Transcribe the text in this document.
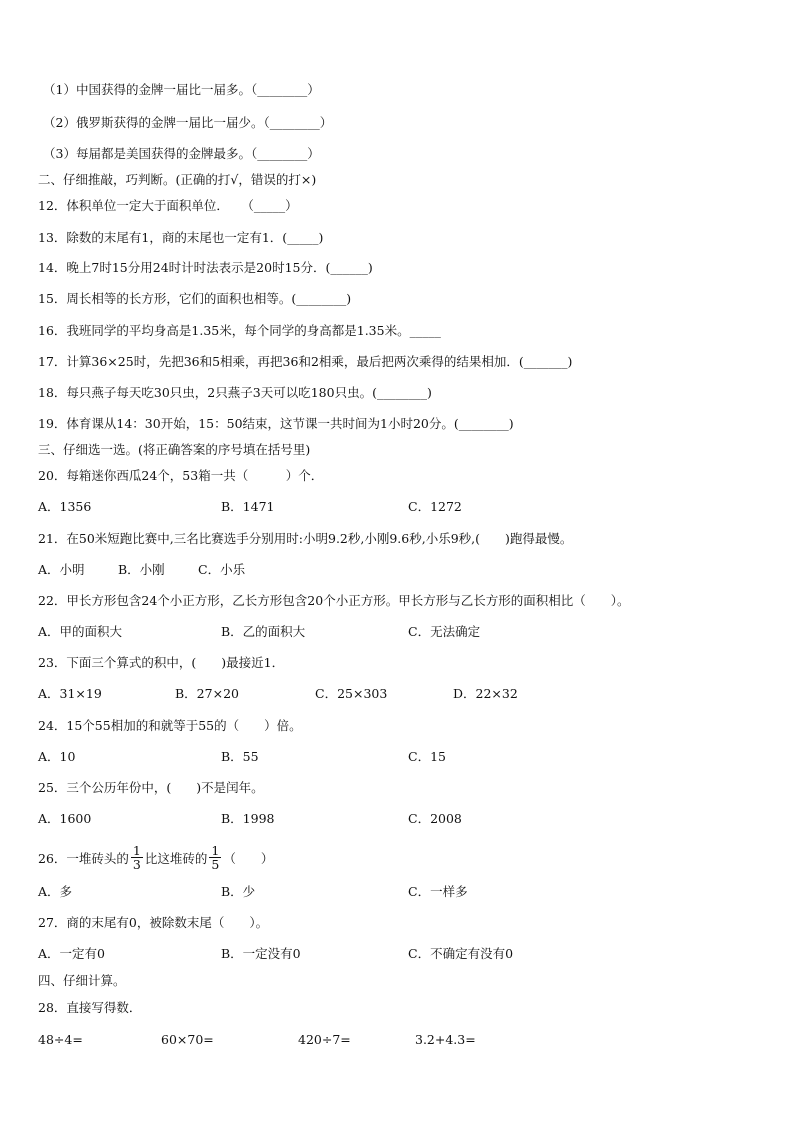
（1）中国获得的金牌一届比一届多。（________）
（2）俄罗斯获得的金牌一届比一届少。（________）
（3）每届都是美国获得的金牌最多。（________）
二、仔细推敲，巧判断。(正确的打√，错误的打×)
12．体积单位一定大于面积单位．　　（_____）
13．除数的末尾有1，商的末尾也一定有1．(_____)
14．晚上7时15分用24时计时法表示是20时15分．(______)
15．周长相等的长方形，它们的面积也相等。(________)
16．我班同学的平均身高是1.35米，每个同学的身高都是1.35米。_____
17．计算36×25时，先把36和5相乘，再把36和2相乘，最后把两次乘得的结果相加．(_______)
18．每只燕子每天吃30只虫，2只燕子3天可以吃180只虫。(________)
19．体育课从14：30开始，15：50结束，这节课一共时间为1小时20分。(________)
三、仔细选一选。(将正确答案的序号填在括号里)
20．每箱迷你西瓜24个，53箱一共（　　　）个．
A．1356	B．1471	C．1272
21．在50米短跑比赛中,三名比赛选手分别用时:小明9.2秒,小刚9.6秒,小乐9秒,(　　)跑得最慢。
A．小明	B．小刚	C．小乐
22．甲长方形包含24个小正方形，乙长方形包含20个小正方形。甲长方形与乙长方形的面积相比（　　）。
A．甲的面积大	B．乙的面积大	C．无法确定
23．下面三个算式的积中，(　　)最接近1．
A．31×19	B．27×20	C．25×303	D．22×32
24．15个55相加的和就等于55的（　　）倍。
A．10	B．55	C．15
25．三个公历年份中，(　　)不是闰年。
A．1600	B．1998	C．2008
26．一堆砖头的 $\frac{1}{3}$ 比这堆砖的 $\frac{1}{5}$ （　　）
A．多	B．少	C．一样多
27．商的末尾有0，被除数末尾（　　）。
A．一定有0	B．一定没有0	C．不确定有没有0
四、仔细计算。
28．直接写得数．
48÷4=	60×70=	420÷7=	3.2+4.3=
